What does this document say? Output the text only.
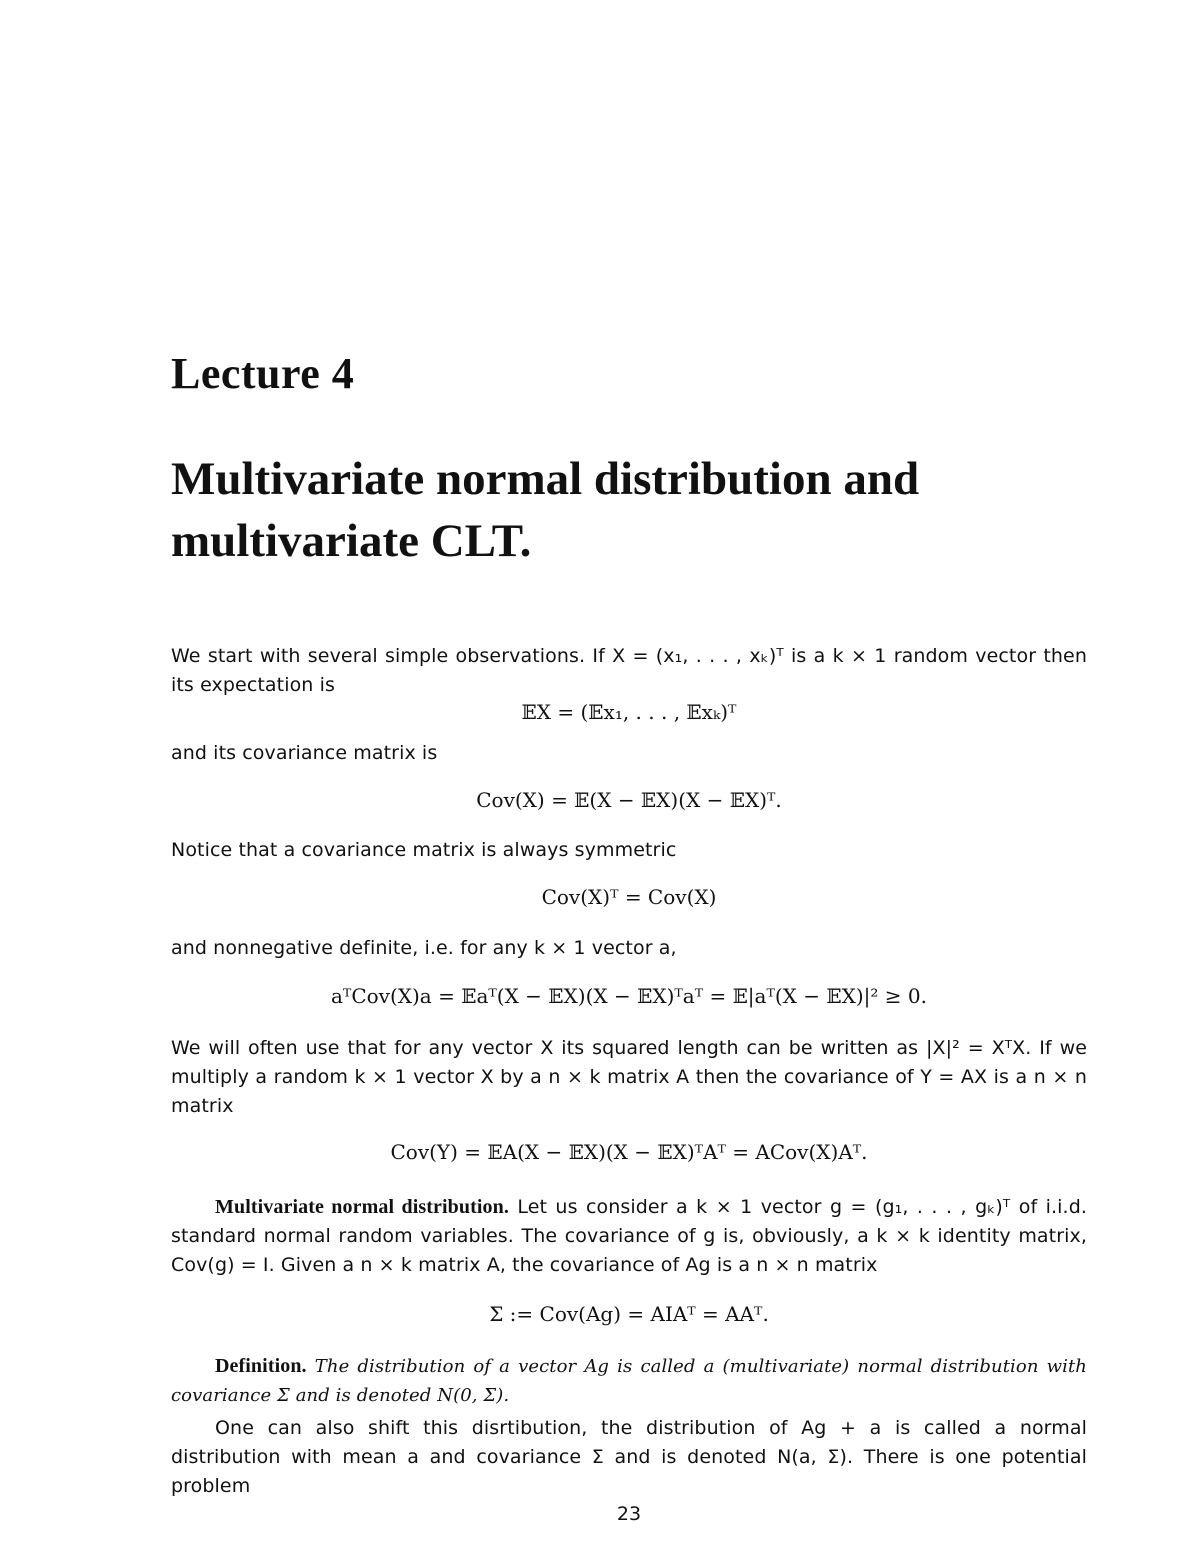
Lecture 4
Multivariate normal distribution and multivariate CLT.
We start with several simple observations. If X = (x₁, . . . , xₖ)ᵀ is a k × 1 random vector then its expectation is
𝔼X = (𝔼x₁, . . . , 𝔼xₖ)ᵀ
and its covariance matrix is
Cov(X) = 𝔼(X − 𝔼X)(X − 𝔼X)ᵀ.
Notice that a covariance matrix is always symmetric
Cov(X)ᵀ = Cov(X)
and nonnegative definite, i.e. for any k × 1 vector a,
aᵀCov(X)a = 𝔼aᵀ(X − 𝔼X)(X − 𝔼X)ᵀaᵀ = 𝔼|aᵀ(X − 𝔼X)|² ≥ 0.
We will often use that for any vector X its squared length can be written as |X|² = XᵀX. If we multiply a random k × 1 vector X by a n × k matrix A then the covariance of Y = AX is a n × n matrix
Cov(Y) = 𝔼A(X − 𝔼X)(X − 𝔼X)ᵀAᵀ = ACov(X)Aᵀ.
Multivariate normal distribution. Let us consider a k × 1 vector g = (g₁, . . . , gₖ)ᵀ of i.i.d. standard normal random variables. The covariance of g is, obviously, a k × k identity matrix, Cov(g) = I. Given a n × k matrix A, the covariance of Ag is a n × n matrix
Σ := Cov(Ag) = AIAᵀ = AAᵀ.
Definition. The distribution of a vector Ag is called a (multivariate) normal distribution with covariance Σ and is denoted N(0, Σ).
One can also shift this disrtibution, the distribution of Ag + a is called a normal distribution with mean a and covariance Σ and is denoted N(a, Σ). There is one potential problem
23
